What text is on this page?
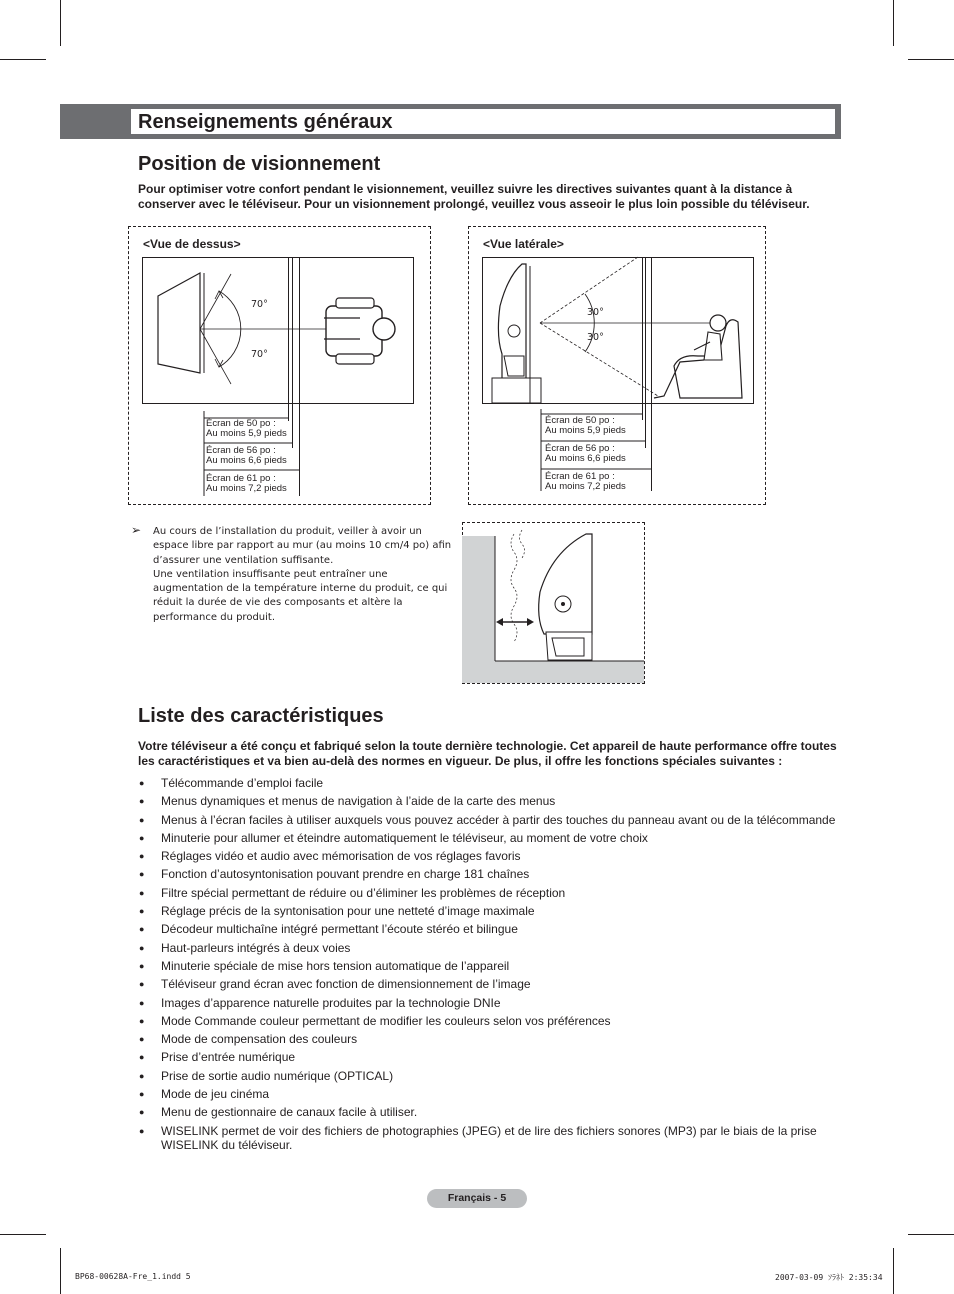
Renseignements généraux
Position de visionnement

Pour optimiser votre confort pendant le visionnement, veuillez suivre les directives suivantes quant à la distance à conserver avec le téléviseur. Pour un visionnement prolongé, veuillez vous asseoir le plus loin possible du téléviseur.

<Vue de dessus>
70°
70°
Écran de 50 po :
Au moins 5,9 pieds
Écran de 56 po :
Au moins 6,6 pieds
Écran de 61 po :
Au moins 7,2 pieds
<Vue latérale>
30°
30°
Écran de 50 po :
Au moins 5,9 pieds
Écran de 56 po :
Au moins 6,6 pieds
Écran de 61 po :
Au moins 7,2 pieds
➢ Au cours de l’installation du produit, veiller à avoir un espace libre par rapport au mur (au moins 10 cm/4 po) afin d’assurer une ventilation suffisante.

Une ventilation insuffisante peut entraîner une augmentation de la température interne du produit, ce qui réduit la durée de vie des composants et altère la performance du produit.

Liste des caractéristiques

Votre téléviseur a été conçu et fabriqué selon la toute dernière technologie. Cet appareil de haute performance offre toutes les caractéristiques et va bien au-delà des normes en vigueur. De plus, il offre les fonctions spéciales suivantes :

● Télécommande d’emploi facile
● Menus dynamiques et menus de navigation à l’aide de la carte des menus
● Menus à l’écran faciles à utiliser auxquels vous pouvez accéder à partir des touches du panneau avant ou de la télécommande
● Minuterie pour allumer et éteindre automatiquement le téléviseur, au moment de votre choix
● Réglages vidéo et audio avec mémorisation de vos réglages favoris
● Fonction d’autosyntonisation pouvant prendre en charge 181 chaînes
● Filtre spécial permettant de réduire ou d’éliminer les problèmes de réception
● Réglage précis de la syntonisation pour une netteté d’image maximale
● Décodeur multichaîne intégré permettant l’écoute stéréo et bilingue
● Haut-parleurs intégrés à deux voies
● Minuterie spéciale de mise hors tension automatique de l’appareil
● Téléviseur grand écran avec fonction de dimensionnement de l’image
● Images d’apparence naturelle produites par la technologie DNIe
● Mode Commande couleur permettant de modifier les couleurs selon vos préférences
● Mode de compensation des couleurs
● Prise d’entrée numérique
● Prise de sortie audio numérique (OPTICAL)
● Mode de jeu cinéma
● Menu de gestionnaire de canaux facile à utiliser.
● WISELINK permet de voir des fichiers de photographies (JPEG) et de lire des fichiers sonores (MP3) par le biais de la prise WISELINK du téléviseur.
Français - 5
BP68-00628A-Fre_1.indd 5	2007-03-09 ｿﾗﾈﾄ 2:35:34
